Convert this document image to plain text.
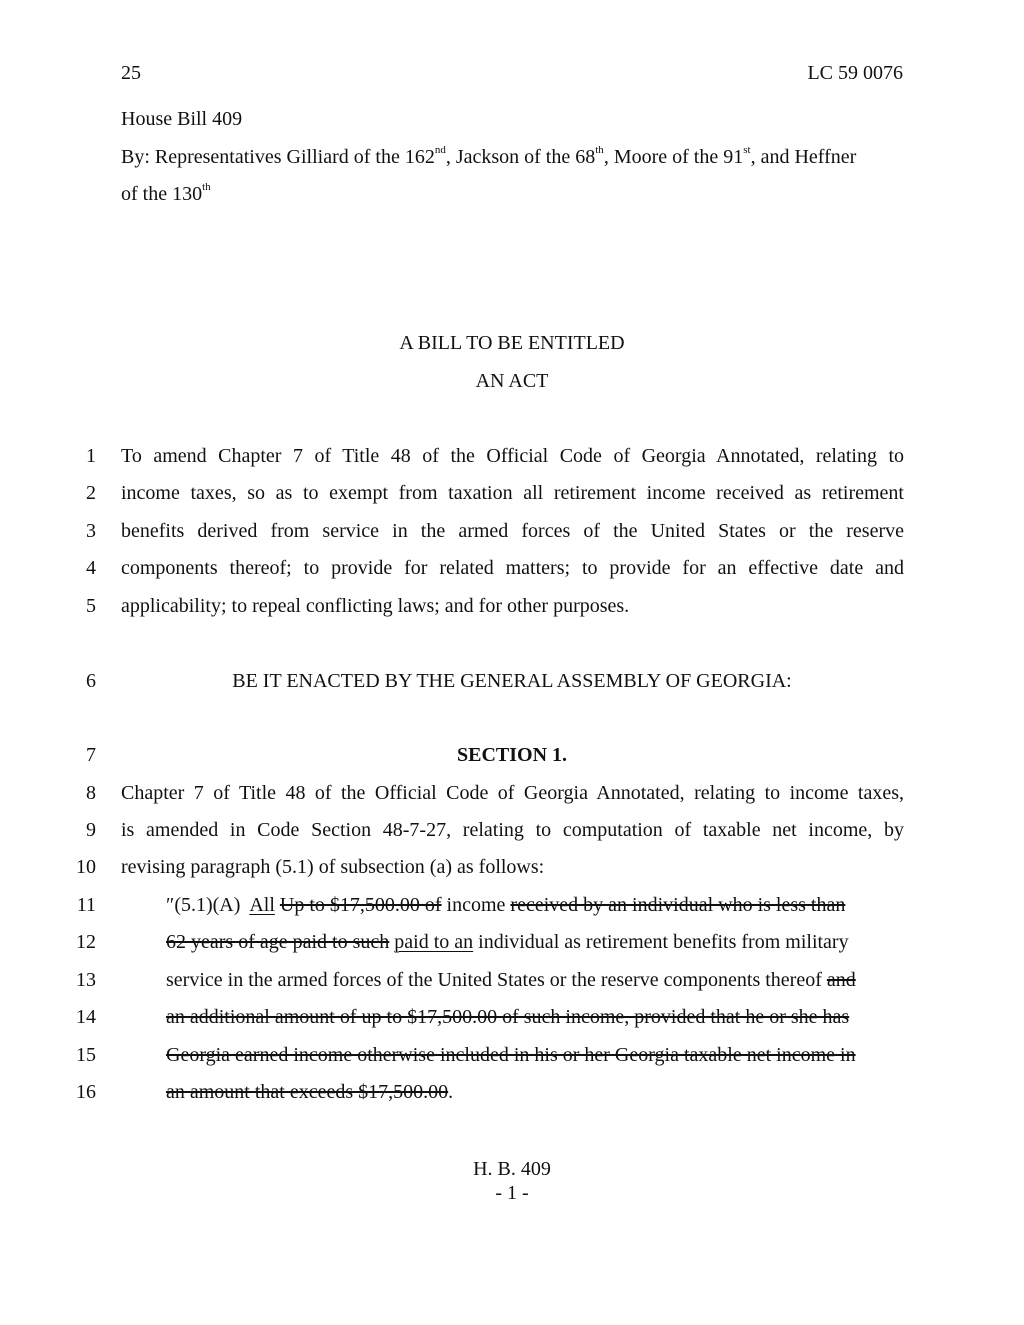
25	LC 59 0076
House Bill 409
By: Representatives Gilliard of the 162nd, Jackson of the 68th, Moore of the 91st, and Heffner
of the 130th
A BILL TO BE ENTITLED
AN ACT
1 To amend Chapter 7 of Title 48 of the Official Code of Georgia Annotated, relating to
2 income taxes, so as to exempt from taxation all retirement income received as retirement
3 benefits derived from service in the armed forces of the United States or the reserve
4 components thereof; to provide for related matters; to provide for an effective date and
5 applicability; to repeal conflicting laws; and for other purposes.
6	BE IT ENACTED BY THE GENERAL ASSEMBLY OF GEORGIA:
7	SECTION 1.
8 Chapter 7 of Title 48 of the Official Code of Georgia Annotated, relating to income taxes,
9 is amended in Code Section 48-7-27, relating to computation of taxable net income, by
10 revising paragraph (5.1) of subsection (a) as follows:
11	″(5.1)(A)  All Up to $17,500.00 of income received by an individual who is less than
12	62 years of age paid to such paid to an individual as retirement benefits from military
13	service in the armed forces of the United States or the reserve components thereof and
14	an additional amount of up to $17,500.00 of such income, provided that he or she has
15	Georgia earned income otherwise included in his or her Georgia taxable net income in
16	an amount that exceeds $17,500.00.
H. B. 409
- 1 -
